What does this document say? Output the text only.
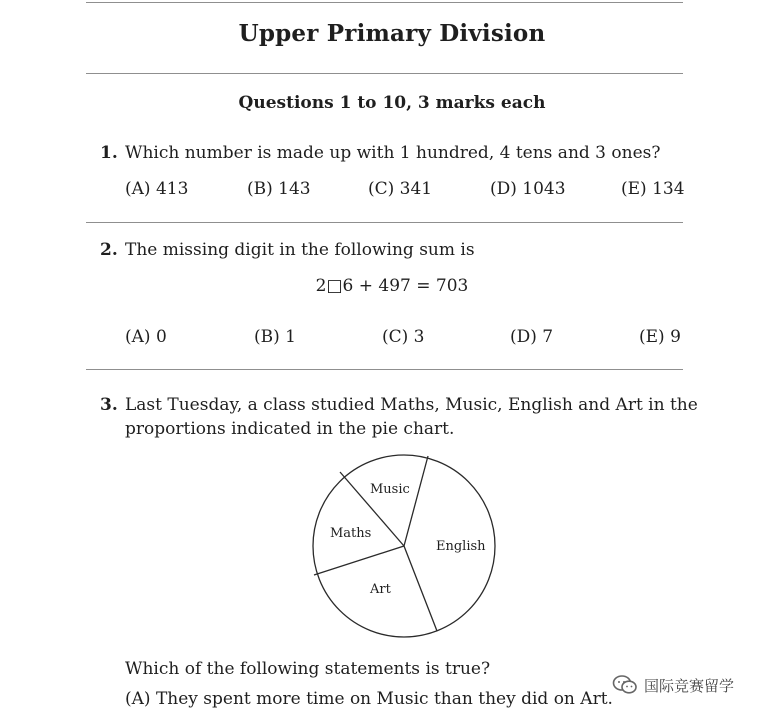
Upper Primary Division
Questions 1 to 10, 3 marks each
1. Which number is made up with 1 hundred, 4 tens and 3 ones?
(A) 413	(B) 143	(C) 341	(D) 1043	(E) 134
2. The missing digit in the following sum is
2□6 + 497 = 703
(A) 0	(B) 1	(C) 3	(D) 7	(E) 9
3. Last Tuesday, a class studied Maths, Music, English and Art in the
proportions indicated in the pie chart.
Music
Maths
English
Art
Which of the following statements is true?
(A) They spent more time on Music than they did on Art.
国际竞赛留学
